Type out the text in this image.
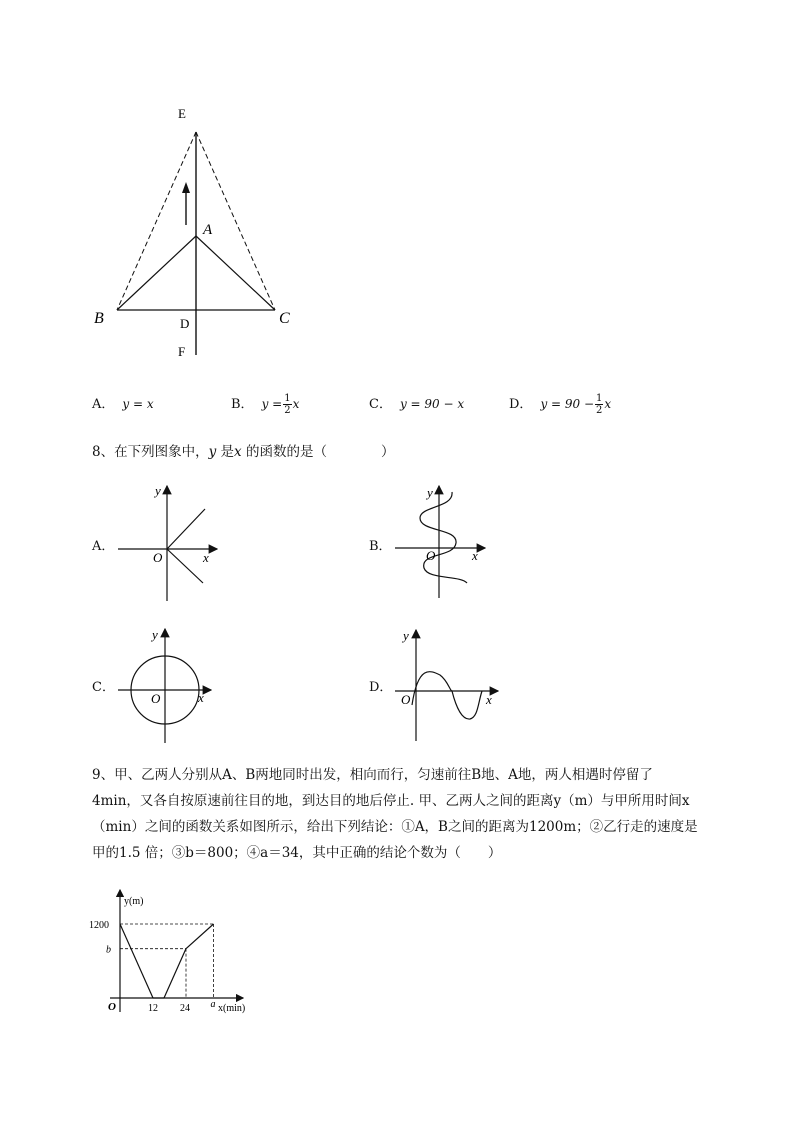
E
A
B	C
D
F
A． y = x	B． $y = \frac{1}{2}$ x	C． y = 90 − x	D． $y = 90 - \frac{1}{2}$ x
8、在下列图象中，y 是x 的函数的是（　　　　）
A．	B．
C．	D．
y
x
O
y
x
O
y
x
O
y
x
O
9、甲、乙两人分别从A、B两地同时出发，相向而行，匀速前往B地、A地，两人相遇时停留了
4min，又各自按原速前往目的地，到达目的地后停止. 甲、乙两人之间的距离y（m）与甲所用时间x
（min）之间的函数关系如图所示，给出下列结论：①A，B之间的距离为1200m；②乙行走的速度是
甲的1.5 倍；③b＝800；④a＝34，其中正确的结论个数为（　　）
y(m)
x(min)
O
1200
b
12 24 a
